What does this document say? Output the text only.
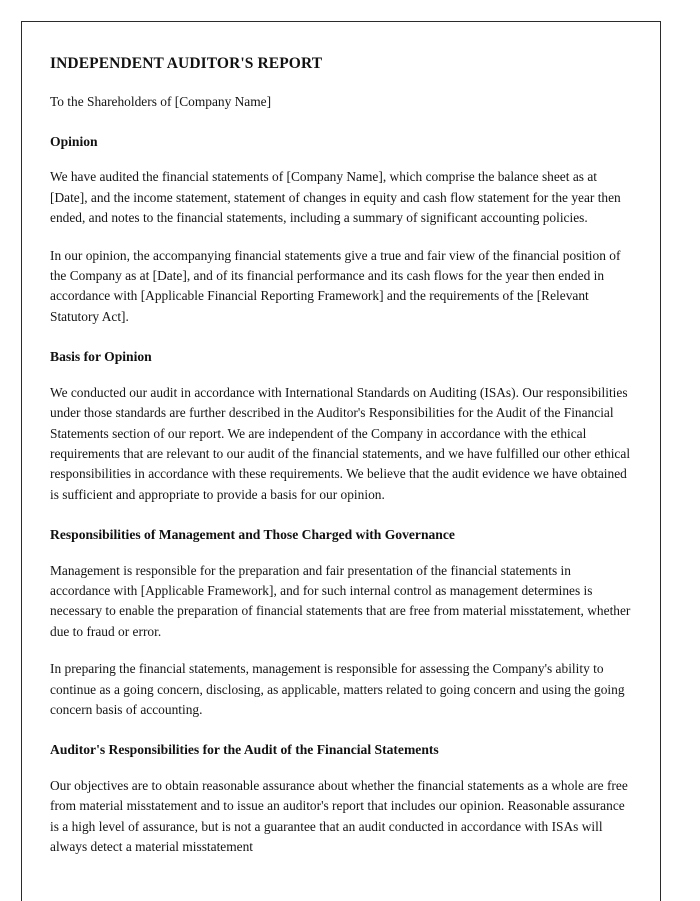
INDEPENDENT AUDITOR'S REPORT

To the Shareholders of [Company Name]

Opinion

We have audited the financial statements of [Company Name], which comprise the balance sheet as at [Date], and the income statement, statement of changes in equity and cash flow statement for the year then ended, and notes to the financial statements, including a summary of significant accounting policies.

In our opinion, the accompanying financial statements give a true and fair view of the financial position of the Company as at [Date], and of its financial performance and its cash flows for the year then ended in accordance with [Applicable Financial Reporting Framework] and the requirements of the [Relevant Statutory Act].

Basis for Opinion

We conducted our audit in accordance with International Standards on Auditing (ISAs). Our responsibilities under those standards are further described in the Auditor's Responsibilities for the Audit of the Financial Statements section of our report. We are independent of the Company in accordance with the ethical requirements that are relevant to our audit of the financial statements, and we have fulfilled our other ethical responsibilities in accordance with these requirements. We believe that the audit evidence we have obtained is sufficient and appropriate to provide a basis for our opinion.

Responsibilities of Management and Those Charged with Governance

Management is responsible for the preparation and fair presentation of the financial statements in accordance with [Applicable Framework], and for such internal control as management determines is necessary to enable the preparation of financial statements that are free from material misstatement, whether due to fraud or error.

In preparing the financial statements, management is responsible for assessing the Company's ability to continue as a going concern, disclosing, as applicable, matters related to going concern and using the going concern basis of accounting.

Auditor's Responsibilities for the Audit of the Financial Statements

Our objectives are to obtain reasonable assurance about whether the financial statements as a whole are free from material misstatement and to issue an auditor's report that includes our opinion. Reasonable assurance is a high level of assurance, but is not a guarantee that an audit conducted in accordance with ISAs will always detect a material misstatement
